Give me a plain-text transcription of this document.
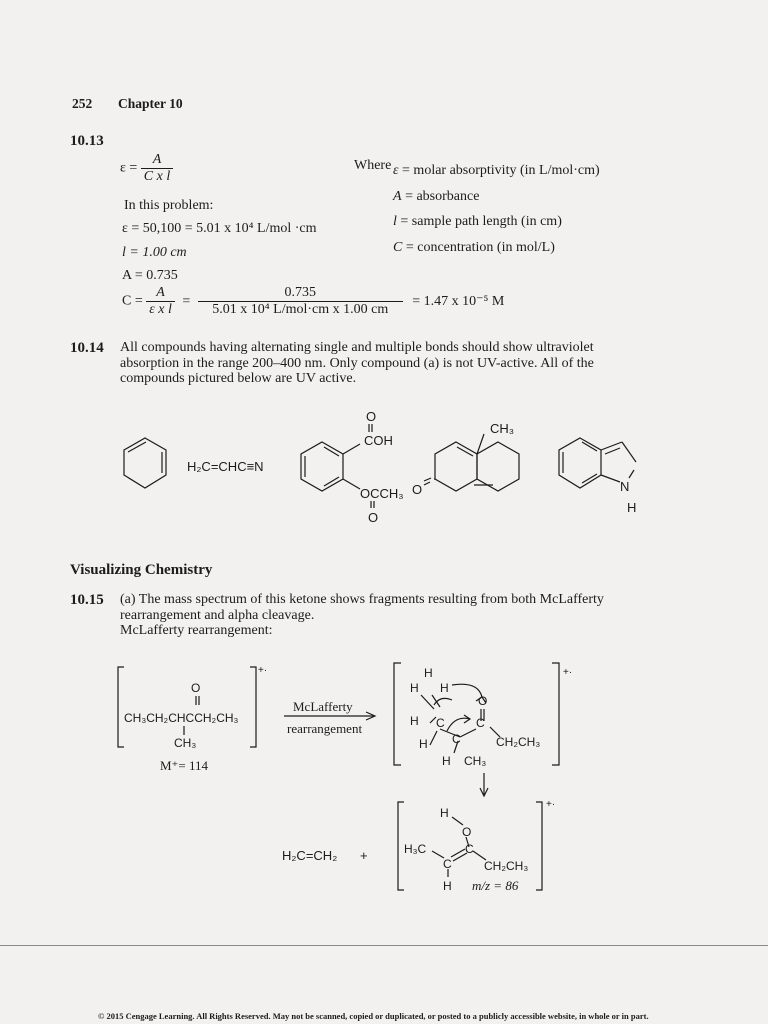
252 Chapter 10
10.13
$\varepsilon = \frac{A}{\text{C x l}}$	Where ε = molar absorptivity (in L/mol·cm)
A = absorbance
l = sample path length (in cm)
C = concentration (in mol/L)
In this problem:
ε = 50,100 = 5.01 x 10⁴ L/mol ·cm
l = 1.00 cm
A = 0.735
$C = \frac{A}{\text{ε x l}} = \frac{0.735}{\text{5.01 x 10⁴ L/mol·cm x 1.00 cm}} = 1.47$ x 10⁻⁵ M
10.14 All compounds having alternating single and multiple bonds should show ultraviolet
absorption in the range 200–400 nm. Only compound (a) is not UV-active. All of the
compounds pictured below are UV active.
H₂C=CHC≡N
O
COH
OCCH₃
O
CH₃
O	N
H
Visualizing Chemistry
10.15 (a) The mass spectrum of this ketone shows fragments resulting from both McLafferty
rearrangement and alpha cleavage.
McLafferty rearrangement:
O
CH₃CH₂CHCCH₂CH₃
CH₃
+·
M⁺= 114
McLafferty
rearrangement
H
H H
H
H
C	C
C
O
CH₂CH₃
H CH₃
+·
H₂C=CH₂ +
H
O
H₃C
C
C
CH₂CH₃
H m/z = 86
+·
© 2015 Cengage Learning. All Rights Reserved. May not be scanned, copied or duplicated, or posted to a publicly accessible website, in whole or in part.
